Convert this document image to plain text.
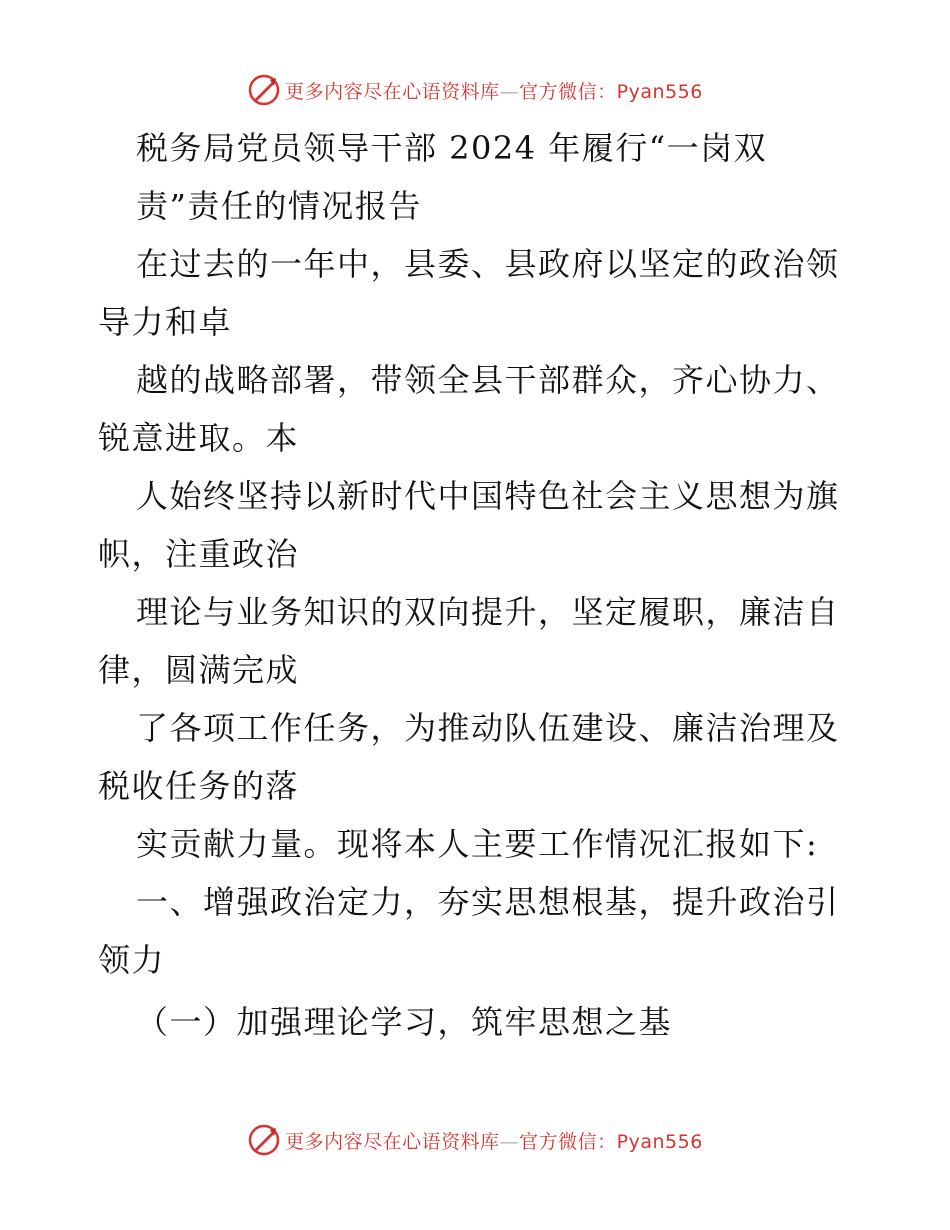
更多内容尽在心语资料库—官方微信：Pyan556
税务局党员领导干部 2024 年履行“一岗双
责”责任的情况报告
在过去的一年中，县委、县政府以坚定的政治领
导力和卓
越的战略部署，带领全县干部群众，齐心协力、
锐意进取。本
人始终坚持以新时代中国特色社会主义思想为旗
帜，注重政治
理论与业务知识的双向提升，坚定履职，廉洁自
律，圆满完成
了各项工作任务，为推动队伍建设、廉洁治理及
税收任务的落
实贡献力量。现将本人主要工作情况汇报如下:
一、增强政治定力，夯实思想根基，提升政治引
领力
（一）加强理论学习，筑牢思想之基
更多内容尽在心语资料库—官方微信：Pyan556
